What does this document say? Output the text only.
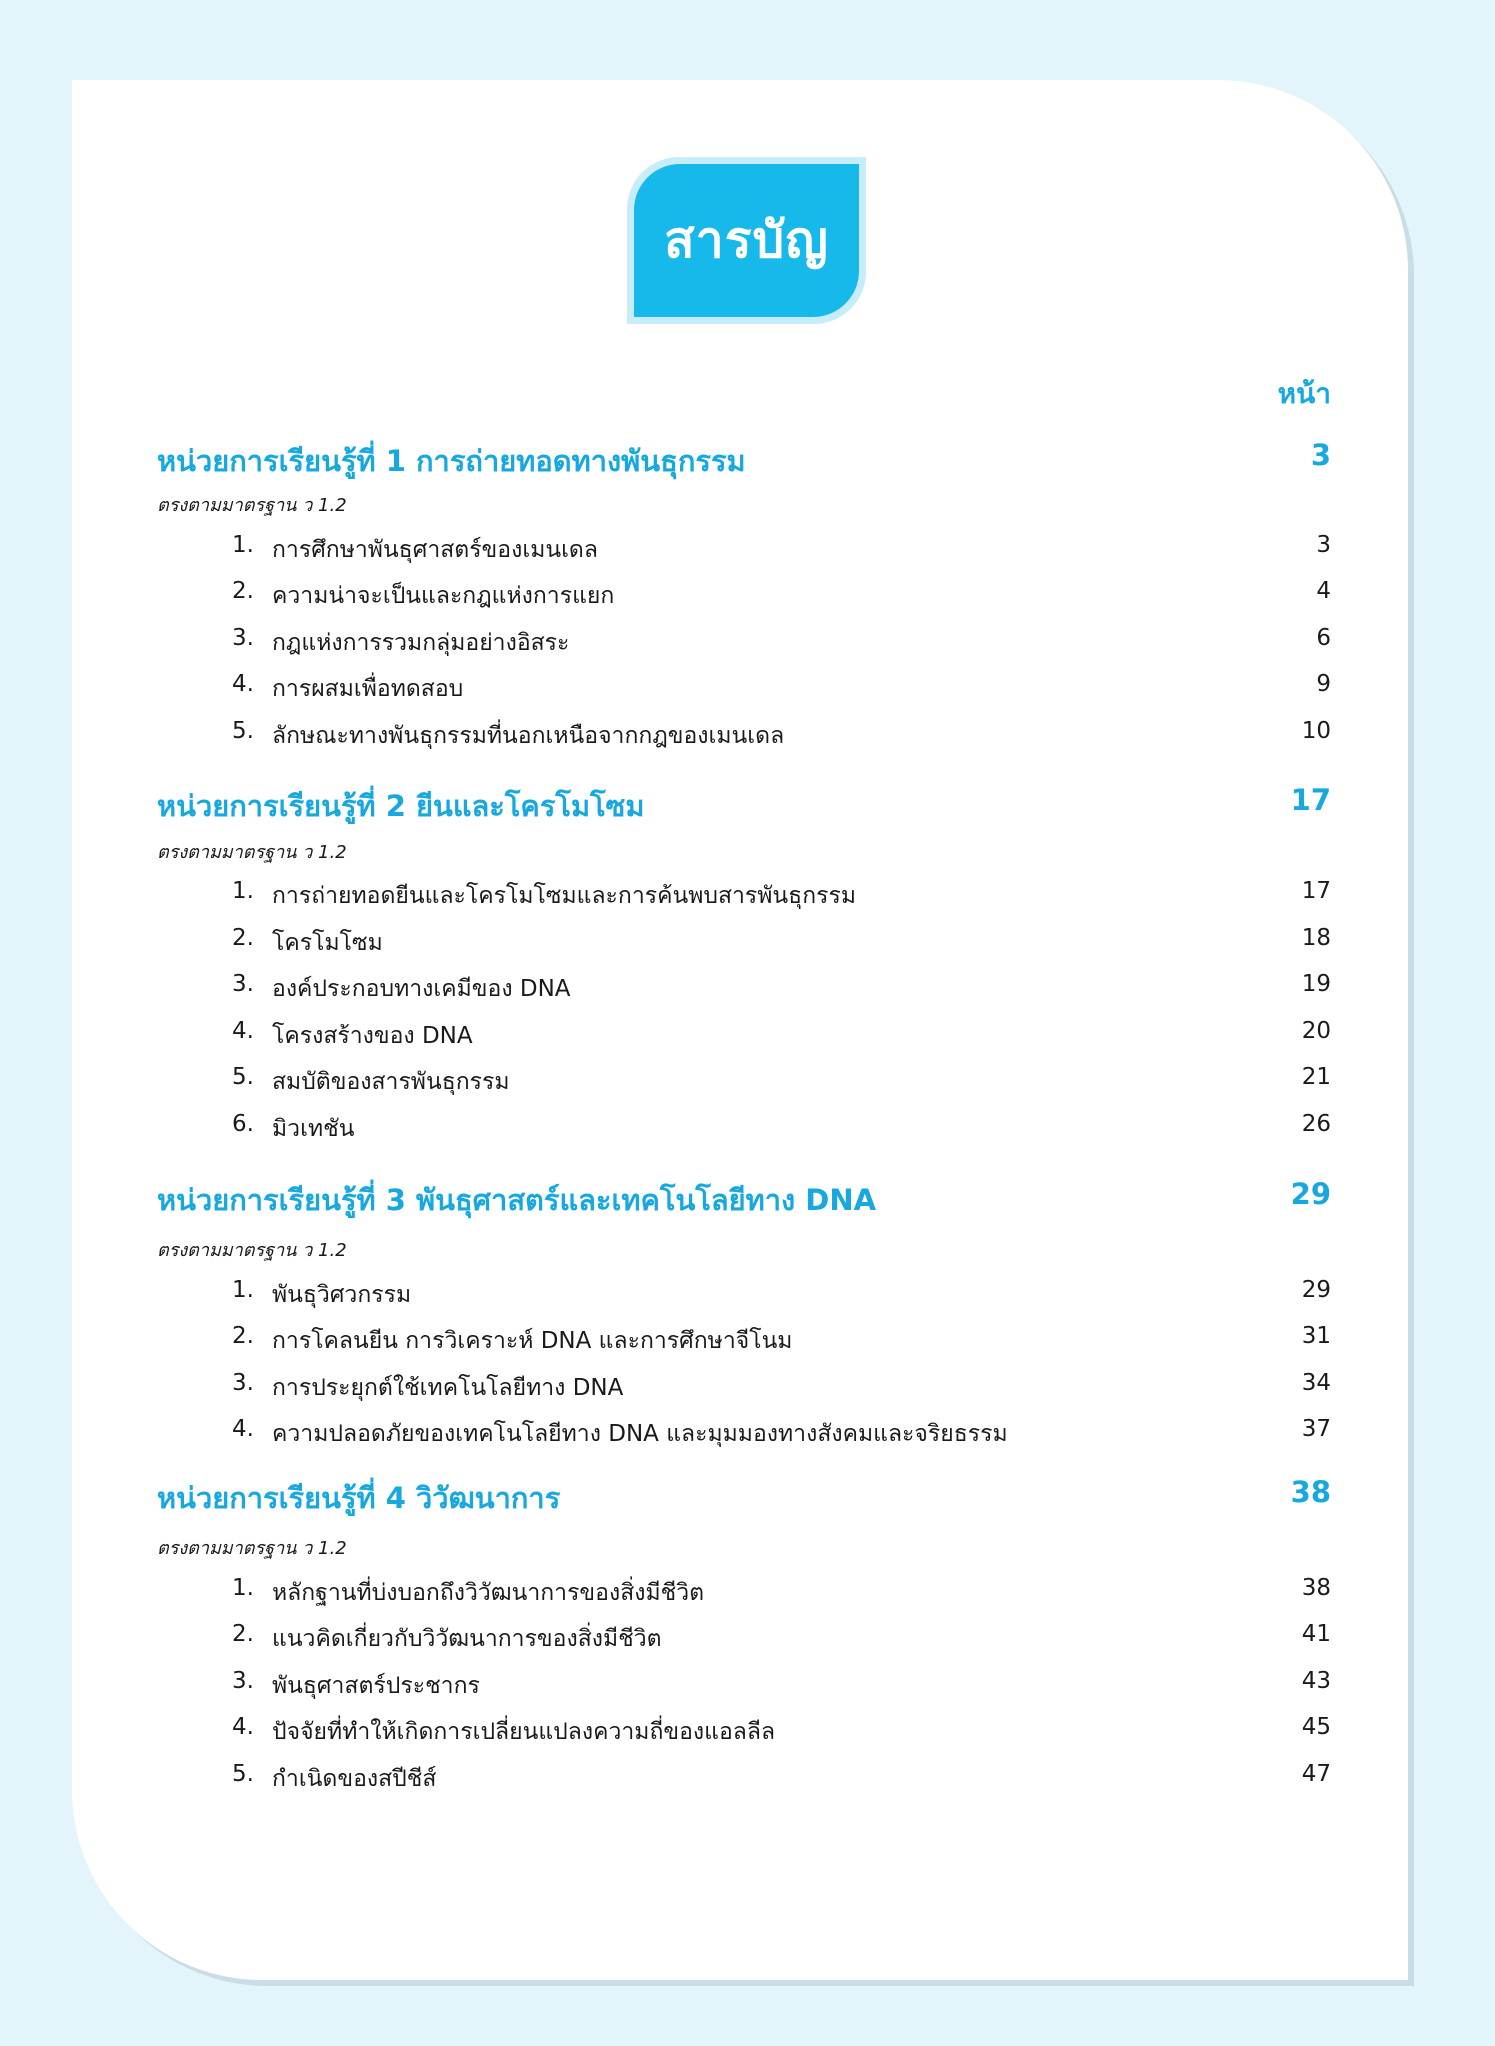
สารบัญ
หน้า
หน่วยการเรียนรู้ที่ 1 การถ่ายทอดทางพันธุกรรม	3
ตรงตามมาตรฐาน ว 1.2
1. การศึกษาพันธุศาสตร์ของเมนเดล	3
2. ความน่าจะเป็นและกฎแห่งการแยก	4
3. กฎแห่งการรวมกลุ่มอย่างอิสระ	6
4. การผสมเพื่อทดสอบ	9
5. ลักษณะทางพันธุกรรมที่นอกเหนือจากกฎของเมนเดล	10
หน่วยการเรียนรู้ที่ 2 ยีนและโครโมโซม	17
ตรงตามมาตรฐาน ว 1.2
1. การถ่ายทอดยีนและโครโมโซมและการค้นพบสารพันธุกรรม	17
2. โครโมโซม	18
3. องค์ประกอบทางเคมีของ DNA	19
4. โครงสร้างของ DNA	20
5. สมบัติของสารพันธุกรรม	21
6. มิวเทชัน	26
หน่วยการเรียนรู้ที่ 3 พันธุศาสตร์และเทคโนโลยีทาง DNA	29
ตรงตามมาตรฐาน ว 1.2
1. พันธุวิศวกรรม	29
2. การโคลนยีน การวิเคราะห์ DNA และการศึกษาจีโนม	31
3. การประยุกต์ใช้เทคโนโลยีทาง DNA	34
4. ความปลอดภัยของเทคโนโลยีทาง DNA และมุมมองทางสังคมและจริยธรรม	37
หน่วยการเรียนรู้ที่ 4 วิวัฒนาการ	38
ตรงตามมาตรฐาน ว 1.2
1. หลักฐานที่บ่งบอกถึงวิวัฒนาการของสิ่งมีชีวิต	38
2. แนวคิดเกี่ยวกับวิวัฒนาการของสิ่งมีชีวิต	41
3. พันธุศาสตร์ประชากร	43
4. ปัจจัยที่ทำให้เกิดการเปลี่ยนแปลงความถี่ของแอลลีล	45
5. กำเนิดของสปีชีส์	47
